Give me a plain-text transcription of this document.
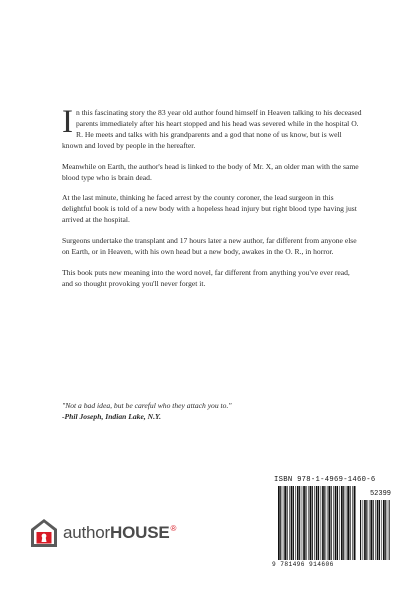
In this fascinating story the 83 year old author found himself in Heaven talking to his deceased parents immediately after his heart stopped and his head was severed while in the hospital O. R. He meets and talks with his grandparents and a god that none of us know, but is well known and loved by people in the hereafter.

Meanwhile on Earth, the author's head is linked to the body of Mr. X, an older man with the same blood type who is brain dead.

At the last minute, thinking he faced arrest by the county coroner, the lead surgeon in this delightful book is told of a new body with a hopeless head injury but right blood type having just arrived at the hospital.

Surgeons undertake the transplant and 17 hours later a new author, far different from anyone else on Earth, or in Heaven, with his own head but a new body, awakes in the O. R., in horror.

This book puts new meaning into the word novel, far different from anything you've ever read, and so thought provoking you'll never forget it.

"Not a bad idea, but be careful who they attach you to."
-Phil Joseph, Indian Lake, N.Y.
authorHOUSE®
ISBN 978-1-4969-1460-6
52399
9 781496 914606
